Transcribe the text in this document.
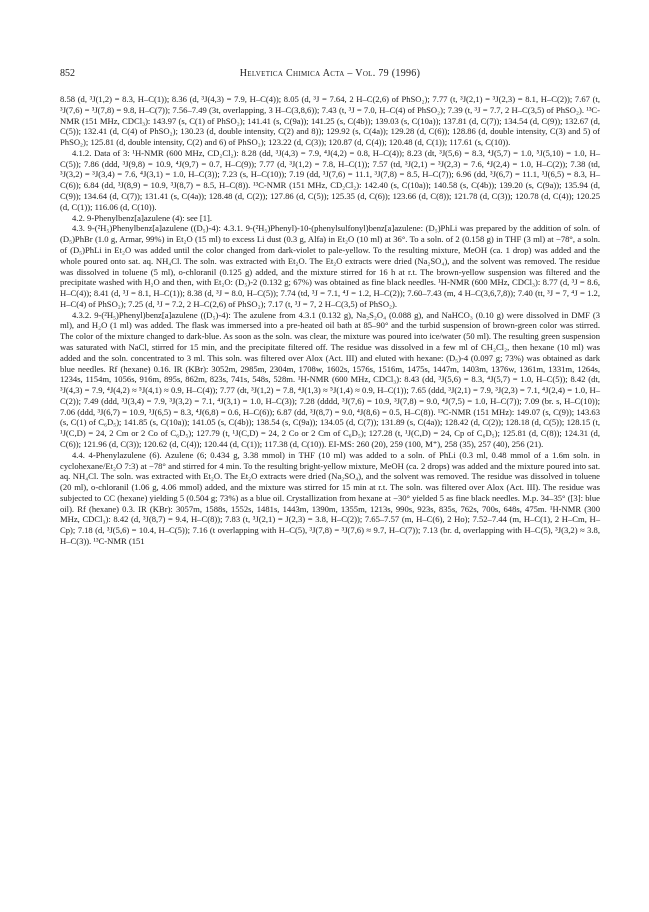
852	Helvetica Chimica Acta – Vol. 79 (1996)

8.58 (d, ³J(1,2) = 8.3, H–C(1)); 8.36 (d, ³J(4,3) = 7.9, H–C(4)); 8.05 (d, ³J = 7.64, 2 H–C(2,6) of PhSO₂); 7.77 (t, ³J(2,1) = ³J(2,3) = 8.1, H–C(2)); 7.67 (t, ³J(7,6) = ³J(7,8) = 9.8, H–C(7)); 7.56–7.49 (3t, overlapping, 3 H–C(3,8,6)); 7.43 (t, ³J = 7.0, H–C(4) of PhSO₂); 7.39 (t, ³J = 7.7, 2 H–C(3,5) of PhSO₂). ¹³C-NMR (151 MHz, CDCl₃): 143.97 (s, C(1) of PhSO₂); 141.41 (s, C(9a)); 141.25 (s, C(4b)); 139.03 (s, C(10a)); 137.81 (d, C(7)); 134.54 (d, C(9)); 132.67 (d, C(5)); 132.41 (d, C(4) of PhSO₂); 130.23 (d, double intensity, C(2) and 8)); 129.92 (s, C(4a)); 129.28 (d, C(6)); 128.86 (d, double intensity, C(3) and 5) of PhSO₂); 125.81 (d, double intensity, C(2) and 6) of PhSO₂); 123.22 (d, C(3)); 120.87 (d, C(4)); 120.48 (d, C(1)); 117.61 (s, C(10)).

4.1.2. Data of 3: ¹H-NMR (600 MHz, CD₂Cl₂): 8.28 (dd, ³J(4,3) = 7.9, ⁴J(4,2) = 0.8, H–C(4)); 8.23 (dt, ³J(5,6) = 8.3, ⁴J(5,7) = 1.0, ⁵J(5,10) = 1.0, H–C(5)); 7.86 (ddd, ³J(9,8) = 10.9, ⁴J(9,7) = 0.7, H–C(9)); 7.77 (d, ³J(1,2) = 7.8, H–C(1)); 7.57 (td, ³J(2,1) = ³J(2,3) = 7.6, ⁴J(2,4) = 1.0, H–C(2)); 7.38 (td, ³J(3,2) = ³J(3,4) = 7.6, ⁴J(3,1) = 1.0, H–C(3)); 7.23 (s, H–C(10)); 7.19 (dd, ³J(7,6) = 11.1, ³J(7,8) = 8.5, H–C(7)); 6.96 (dd, ³J(6,7) = 11.1, ³J(6,5) = 8.3, H–C(6)); 6.84 (dd, ³J(8,9) = 10.9, ³J(8,7) = 8.5, H–C(8)). ¹³C-NMR (151 MHz, CD₂Cl₂): 142.40 (s, C(10a)); 140.58 (s, C(4b)); 139.20 (s, C(9a)); 135.94 (d, C(9)); 134.64 (d, C(7)); 131.41 (s, C(4a)); 128.48 (d, C(2)); 127.86 (d, C(5)); 125.35 (d, C(6)); 123.66 (d, C(8)); 121.78 (d, C(3)); 120.78 (d, C(4)); 120.25 (d, C(1)); 116.06 (d, C(10)).

4.2. 9-Phenylbenz[a]azulene (4): see [1].

4.3. 9-(²H₅)Phenylbenz[a]azulene ((D₅)-4): 4.3.1. 9-(²H₅)Phenyl)-10-(phenylsulfonyl)benz[a]azulene: (D₅)PhLi was prepared by the addition of soln. of (D₅)PhBr (1.0 g, Armar, 99%) in Et₂O (15 ml) to excess Li dust (0.3 g, Alfa) in Et₂O (10 ml) at 36°. To a soln. of 2 (0.158 g) in THF (3 ml) at −78°, a soln. of (D₅)PhLi in Et₂O was added until the color changed from dark-violet to pale-yellow. To the resulting mixture, MeOH (ca. 1 drop) was added and the whole poured onto sat. aq. NH₄Cl. The soln. was extracted with Et₂O. The Et₂O extracts were dried (Na₂SO₄), and the solvent was removed. The residue was dissolved in toluene (5 ml), o-chloranil (0.125 g) added, and the mixture stirred for 16 h at r.t. The brown-yellow suspension was filtered and the precipitate washed with H₂O and then, with Et₂O: (D₅)-2 (0.132 g; 67%) was obtained as fine black needles. ¹H-NMR (600 MHz, CDCl₃): 8.77 (d, ³J = 8.6, H–C(4)); 8.41 (d, ³J = 8.1, H–C(1)); 8.38 (d, ³J = 8.0, H–C(5)); 7.74 (td, ³J = 7.1, ⁴J = 1.2, H–C(2)); 7.60–7.43 (m, 4 H–C(3,6,7,8)); 7.40 (tt, ³J = 7, ⁴J = 1.2, H–C(4) of PhSO₂); 7.25 (d, ³J = 7.2, 2 H–C(2,6) of PhSO₂); 7.17 (t, ³J = 7, 2 H–C(3,5) of PhSO₂).

4.3.2. 9-(²H₅)Phenyl)benz[a]azulene ((D₅)-4): The azulene from 4.3.1 (0.132 g), Na₂S₂O₄ (0.088 g), and NaHCO₃ (0.10 g) were dissolved in DMF (3 ml), and H₂O (1 ml) was added. The flask was immersed into a pre-heated oil bath at 85–90° and the turbid suspension of brown-green color was stirred. The color of the mixture changed to dark-blue. As soon as the soln. was clear, the mixture was poured into ice/water (50 ml). The resulting green suspension was saturated with NaCl, stirred for 15 min, and the precipitate filtered off. The residue was dissolved in a few ml of CH₂Cl₂, then hexane (10 ml) was added and the soln. concentrated to 3 ml. This soln. was filtered over Alox (Act. III) and eluted with hexane: (D₅)-4 (0.097 g; 73%) was obtained as dark blue needles. Rf (hexane) 0.16. IR (KBr): 3052m, 2985m, 2304m, 1708w, 1602s, 1576s, 1516m, 1475s, 1447m, 1403m, 1376w, 1361m, 1331m, 1264s, 1234s, 1154m, 1056s, 916m, 895s, 862m, 823s, 741s, 548s, 528m. ¹H-NMR (600 MHz, CDCl₃): 8.43 (dd, ³J(5,6) = 8.3, ⁴J(5,7) = 1.0, H–C(5)); 8.42 (dt, ³J(4,3) = 7.9, ⁴J(4,2) ≈ ⁵J(4,1) ≈ 0.9, H–C(4)); 7.77 (dt, ³J(1,2) = 7.8, ⁴J(1,3) ≈ ⁵J(1,4) ≈ 0.9, H–C(1)); 7.65 (ddd, ³J(2,1) = 7.9, ³J(2,3) = 7.1, ⁴J(2,4) = 1.0, H–C(2)); 7.49 (ddd, ³J(3,4) = 7.9, ³J(3,2) = 7.1, ⁴J(3,1) = 1.0, H–C(3)); 7.28 (dddd, ³J(7,6) = 10.9, ³J(7,8) = 9.0, ⁴J(7,5) = 1.0, H–C(7)); 7.09 (br. s, H–C(10)); 7.06 (ddd, ³J(6,7) = 10.9, ³J(6,5) = 8.3, ⁴J(6,8) = 0.6, H–C(6)); 6.87 (dd, ³J(8,7) = 9.0, ⁴J(8,6) = 0.5, H–C(8)). ¹³C-NMR (151 MHz): 149.07 (s, C(9)); 143.63 (s, C(1) of C₆D₅); 141.85 (s, C(10a)); 141.05 (s, C(4b)); 138.54 (s, C(9a)); 134.05 (d, C(7)); 131.89 (s, C(4a)); 128.42 (d, C(2)); 128.18 (d, C(5)); 128.15 (t, ¹J(C,D) = 24, 2 Cm or 2 Co of C₆D₅); 127.79 (t, ¹J(C,D) = 24, 2 Co or 2 Cm of C₆D₅); 127.28 (t, ¹J(C,D) = 24, Cp of C₆D₅); 125.81 (d, C(8)); 124.31 (d, C(6)); 121.96 (d, C(3)); 120.62 (d, C(4)); 120.44 (d, C(1)); 117.38 (d, C(10)). EI-MS: 260 (20), 259 (100, M⁺), 258 (35), 257 (40), 256 (21).

4.4. 4-Phenylazulene (6). Azulene (6; 0.434 g, 3.38 mmol) in THF (10 ml) was added to a soln. of PhLi (0.3 ml, 0.48 mmol of a 1.6m soln. in cyclohexane/Et₂O 7:3) at −78° and stirred for 4 min. To the resulting bright-yellow mixture, MeOH (ca. 2 drops) was added and the mixture poured into sat. aq. NH₄Cl. The soln. was extracted with Et₂O. The Et₂O extracts were dried (Na₂SO₄), and the solvent was removed. The residue was dissolved in toluene (20 ml), o-chloranil (1.06 g, 4.06 mmol) added, and the mixture was stirred for 15 min at r.t. The soln. was filtered over Alox (Act. III). The residue was subjected to CC (hexane) yielding 5 (0.504 g; 73%) as a blue oil. Crystallization from hexane at −30° yielded 5 as fine black needles. M.p. 34–35° ([3]: blue oil). Rf (hexane) 0.3. IR (KBr): 3057m, 1588s, 1552s, 1481s, 1443m, 1390m, 1355m, 1213s, 990s, 923s, 835s, 762s, 700s, 648s, 475m. ¹H-NMR (300 MHz, CDCl₃): 8.42 (d, ³J(8,7) = 9.4, H–C(8)); 7.83 (t, ³J(2,1) = J(2,3) = 3.8, H–C(2)); 7.65–7.57 (m, H–C(6), 2 Ho); 7.52–7.44 (m, H–C(1), 2 H–Cm, H–Cp); 7.18 (d, ³J(5,6) = 10.4, H–C(5)); 7.16 (t overlapping with H–C(5), ³J(7,8) = ³J(7,6) ≈ 9.7, H–C(7)); 7.13 (br. d, overlapping with H–C(5), ³J(3,2) ≈ 3.8, H–C(3)). ¹³C-NMR (151
